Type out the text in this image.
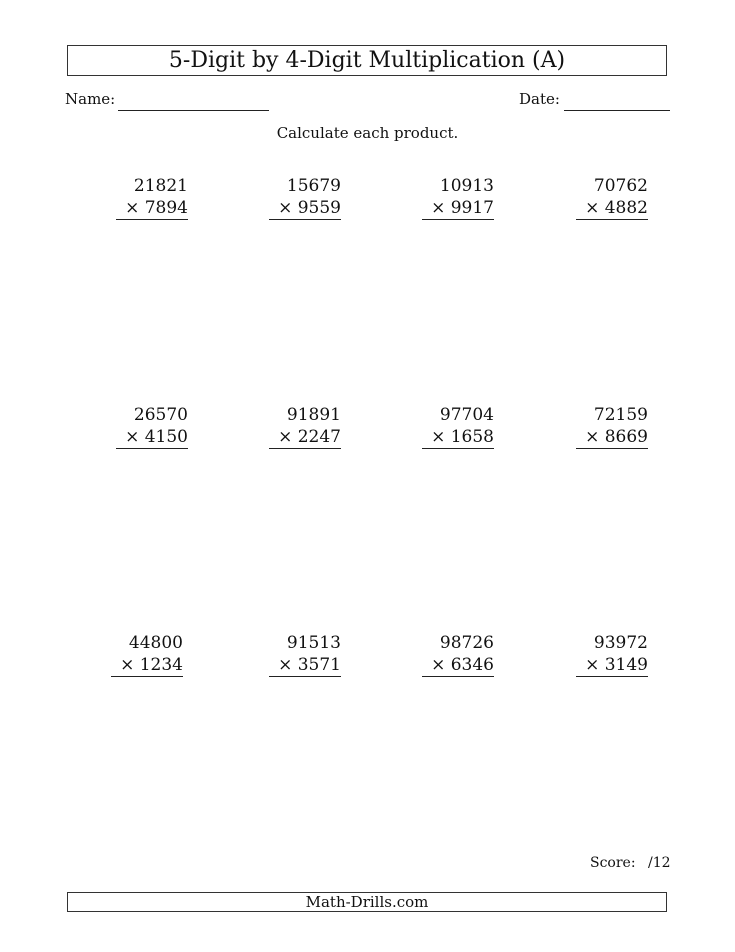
5-Digit by 4-Digit Multiplication (A)
Name:	Date:
Calculate each product.
21821
× 7894
15679
× 9559
10913
× 9917
70762
× 4882
26570
× 4150
91891
× 2247
97704
× 1658
72159
× 8669
44800
× 1234
91513
× 3571
98726
× 6346
93972
× 3149
Score: /12
Math-Drills.com
